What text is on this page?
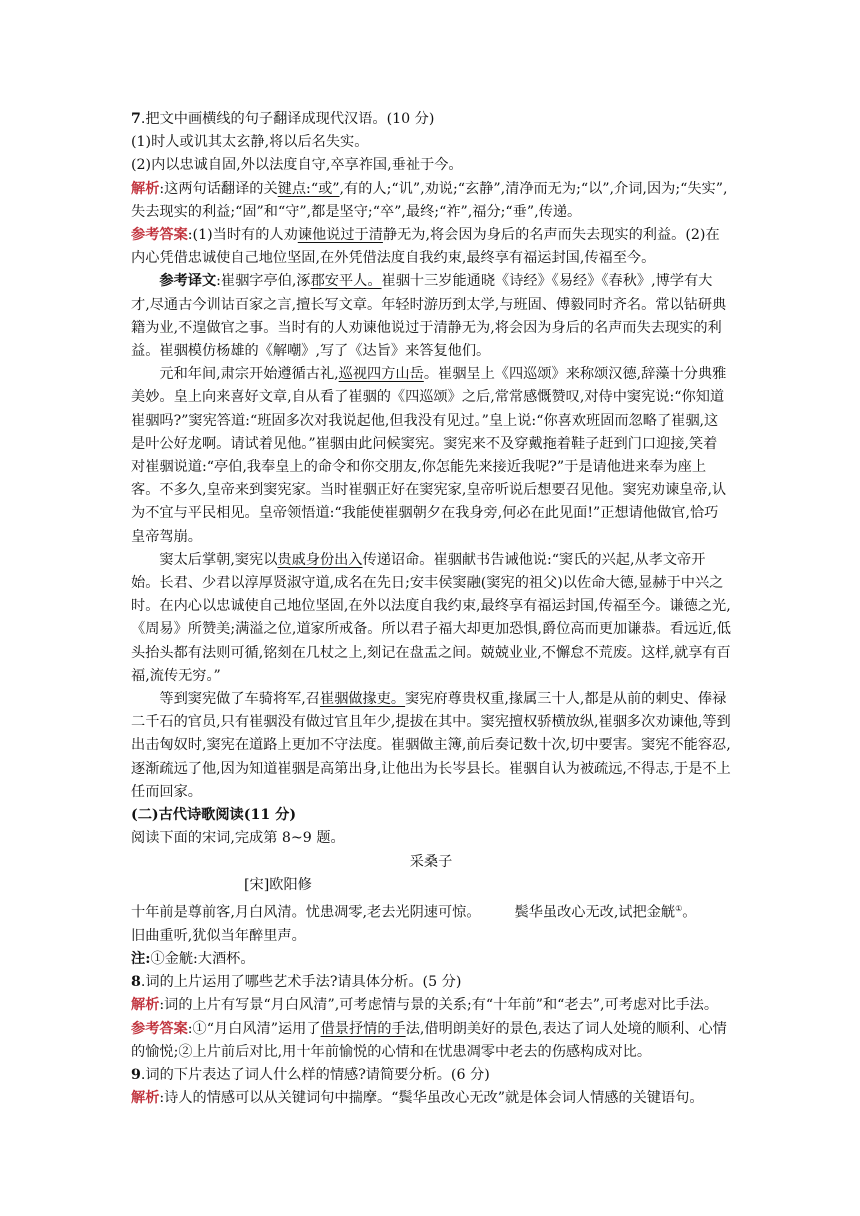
7.把文中画横线的句子翻译成现代汉语。(10 分)

(1)时人或讥其太玄静,将以后名失实。

(2)内以忠诚自固,外以法度自守,卒享祚国,垂祉于今。

解析:这两句话翻译的关键点:“或”,有的人;“讥”,劝说;“玄静”,清净而无为;“以”,介词,因为;“失实”,失去现实的利益;“固”和“守”,都是坚守;“卒”,最终;“祚”,福分;“垂”,传递。

参考答案:(1)当时有的人劝谏他说过于清静无为,将会因为身后的名声而失去现实的利益。(2)在内心凭借忠诚使自己地位坚固,在外凭借法度自我约束,最终享有福运封国,传福至今。

参考译文:崔骃字亭伯,涿郡安平人。崔骃十三岁能通晓《诗经》《易经》《春秋》,博学有大才,尽通古今训诂百家之言,擅长写文章。年轻时游历到太学,与班固、傅毅同时齐名。常以钻研典籍为业,不遑做官之事。当时有的人劝谏他说过于清静无为,将会因为身后的名声而失去现实的利益。崔骃模仿杨雄的《解嘲》,写了《达旨》来答复他们。

元和年间,肃宗开始遵循古礼,巡视四方山岳。崔骃呈上《四巡颂》来称颂汉德,辞藻十分典雅美妙。皇上向来喜好文章,自从看了崔骃的《四巡颂》之后,常常感慨赞叹,对侍中窦宪说:“你知道崔骃吗?”窦宪答道:“班固多次对我说起他,但我没有见过。”皇上说:“你喜欢班固而忽略了崔骃,这是叶公好龙啊。请试着见他。”崔骃由此问候窦宪。窦宪来不及穿戴拖着鞋子赶到门口迎接,笑着对崔骃说道:“亭伯,我奉皇上的命令和你交朋友,你怎能先来接近我呢?”于是请他进来奉为座上客。不多久,皇帝来到窦宪家。当时崔骃正好在窦宪家,皇帝听说后想要召见他。窦宪劝谏皇帝,认为不宜与平民相见。皇帝领悟道:“我能使崔骃朝夕在我身旁,何必在此见面!”正想请他做官,恰巧皇帝驾崩。

窦太后掌朝,窦宪以贵戚身份出入传递诏命。崔骃献书告诫他说:“窦氏的兴起,从孝文帝开始。长君、少君以淳厚贤淑守道,成名在先日;安丰侯窦融(窦宪的祖父)以佐命大德,显赫于中兴之时。在内心以忠诚使自己地位坚固,在外以法度自我约束,最终享有福运封国,传福至今。谦德之光,《周易》所赞美;满溢之位,道家所戒备。所以君子福大却更加恐惧,爵位高而更加谦恭。看远近,低头抬头都有法则可循,铭刻在几杖之上,刻记在盘盂之间。兢兢业业,不懈怠不荒废。这样,就享有百福,流传无穷。”

等到窦宪做了车骑将军,召崔骃做掾吏。窦宪府尊贵权重,掾属三十人,都是从前的刺史、俸禄二千石的官员,只有崔骃没有做过官且年少,提拔在其中。窦宪擅权骄横放纵,崔骃多次劝谏他,等到出击匈奴时,窦宪在道路上更加不守法度。崔骃做主簿,前后奏记数十次,切中要害。窦宪不能容忍,逐渐疏远了他,因为知道崔骃是高第出身,让他出为长岑县长。崔骃自认为被疏远,不得志,于是不上任而回家。

(二)古代诗歌阅读(11 分)

阅读下面的宋词,完成第 8~9 题。

采桑子

[宋]欧阳修

十年前是尊前客,月白风清。忧患凋零,老去光阴速可惊。 鬓华虽改心无改,试把金觥①。

旧曲重听,犹似当年醉里声。

注:①金觥:大酒杯。

8.词的上片运用了哪些艺术手法?请具体分析。(5 分)

解析:词的上片有写景“月白风清”,可考虑情与景的关系;有“十年前”和“老去”,可考虑对比手法。

参考答案:①“月白风清”运用了借景抒情的手法,借明朗美好的景色,表达了词人处境的顺利、心情的愉悦;②上片前后对比,用十年前愉悦的心情和在忧患凋零中老去的伤感构成对比。

9.词的下片表达了词人什么样的情感?请简要分析。(6 分)

解析:诗人的情感可以从关键词句中揣摩。“鬓华虽改心无改”就是体会词人情感的关键语句。
